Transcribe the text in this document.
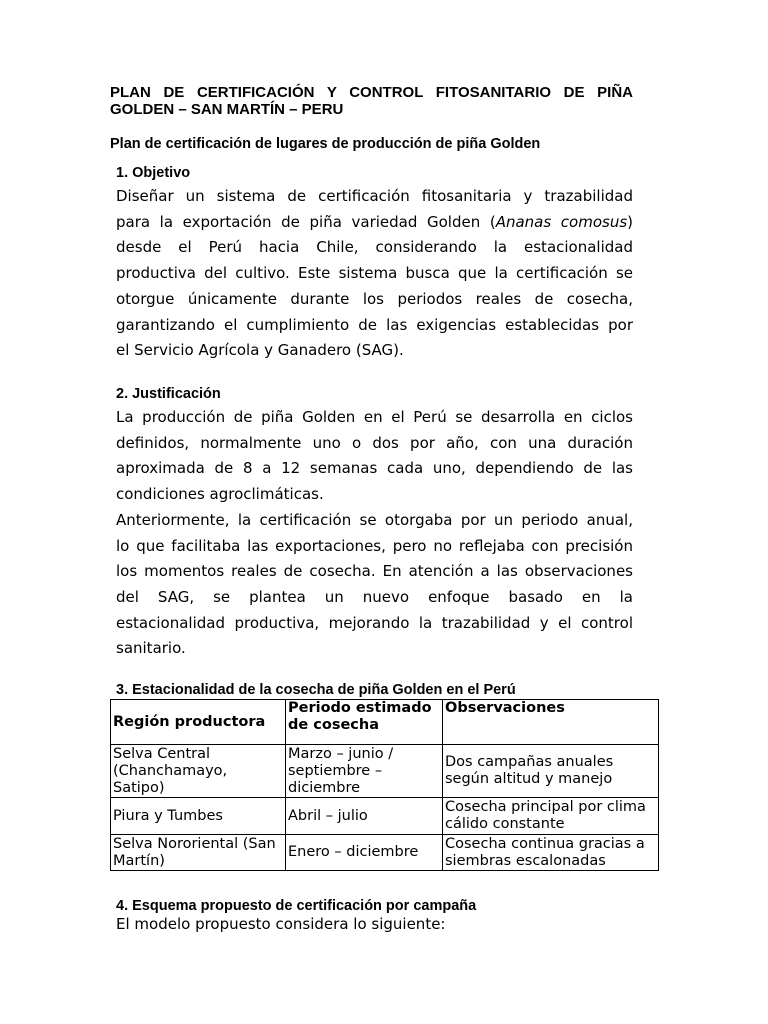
PLAN DE CERTIFICACIÓN Y CONTROL FITOSANITARIO DE PIÑA
GOLDEN – SAN MARTÍN – PERU
Plan de certificación de lugares de producción de piña Golden
1. Objetivo

Diseñar un sistema de certificación fitosanitaria y trazabilidad
para la exportación de piña variedad Golden (Ananas comosus)
desde el Perú hacia Chile, considerando la estacionalidad
productiva del cultivo. Este sistema busca que la certificación se
otorgue únicamente durante los periodos reales de cosecha,
garantizando el cumplimiento de las exigencias establecidas por
el Servicio Agrícola y Ganadero (SAG).

2. Justificación

La producción de piña Golden en el Perú se desarrolla en ciclos
definidos, normalmente uno o dos por año, con una duración
aproximada de 8 a 12 semanas cada uno, dependiendo de las
condiciones agroclimáticas.
Anteriormente, la certificación se otorgaba por un periodo anual,
lo que facilitaba las exportaciones, pero no reflejaba con precisión
los momentos reales de cosecha. En atención a las observaciones
del SAG, se plantea un nuevo enfoque basado en la
estacionalidad productiva, mejorando la trazabilidad y el control
sanitario.

3. Estacionalidad de la cosecha de piña Golden en el Perú
Región productora	Periodo estimado de cosecha	Observaciones
Selva Central (Chanchamayo, Satipo)	Marzo – junio / septiembre – diciembre	Dos campañas anuales según altitud y manejo
Piura y Tumbes	Abril – julio	Cosecha principal por clima cálido constante
Selva Nororiental (San Martín)	Enero – diciembre	Cosecha continua gracias a siembras escalonadas
4. Esquema propuesto de certificación por campaña
El modelo propuesto considera lo siguiente:
